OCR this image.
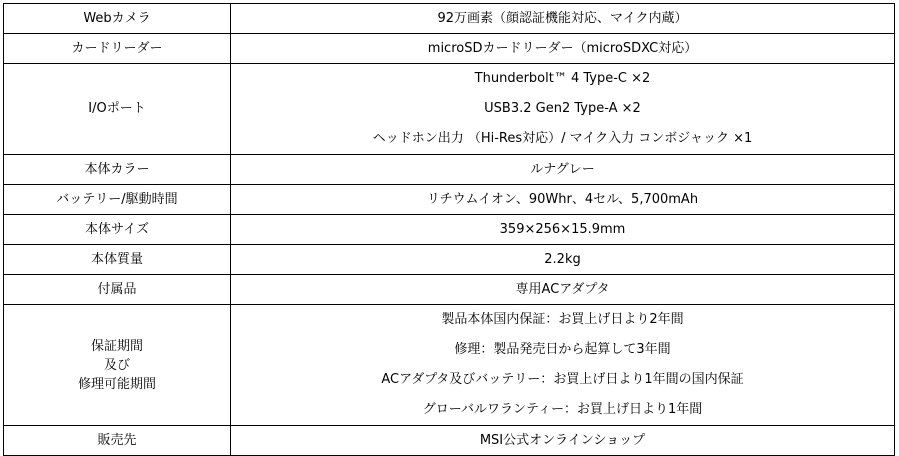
Webカメラ	92万画素（顔認証機能対応、マイク内蔵）
カードリーダー	microSDカードリーダー（microSDXC対応）
I/Oポート	Thunderbolt™ 4 Type-C ×2
USB3.2 Gen2 Type-A ×2
ヘッドホン出力 （Hi-Res対応）/ マイク入力 コンボジャック ×1

本体カラー	ルナグレー
バッテリー/駆動時間	リチウムイオン、90Whr、4セル、5,700mAh
本体サイズ	359×256×15.9mm
本体質量	2.2kg
付属品	専用ACアダプタ

保証期間
及び
修理可能期間	製品本体国内保証：お買上げ日より2年間
修理：製品発売日から起算して3年間
ACアダプタ及びバッテリー：お買上げ日より1年間の国内保証
グローバルワランティー：お買上げ日より1年間

販売先	MSI公式オンラインショップ
